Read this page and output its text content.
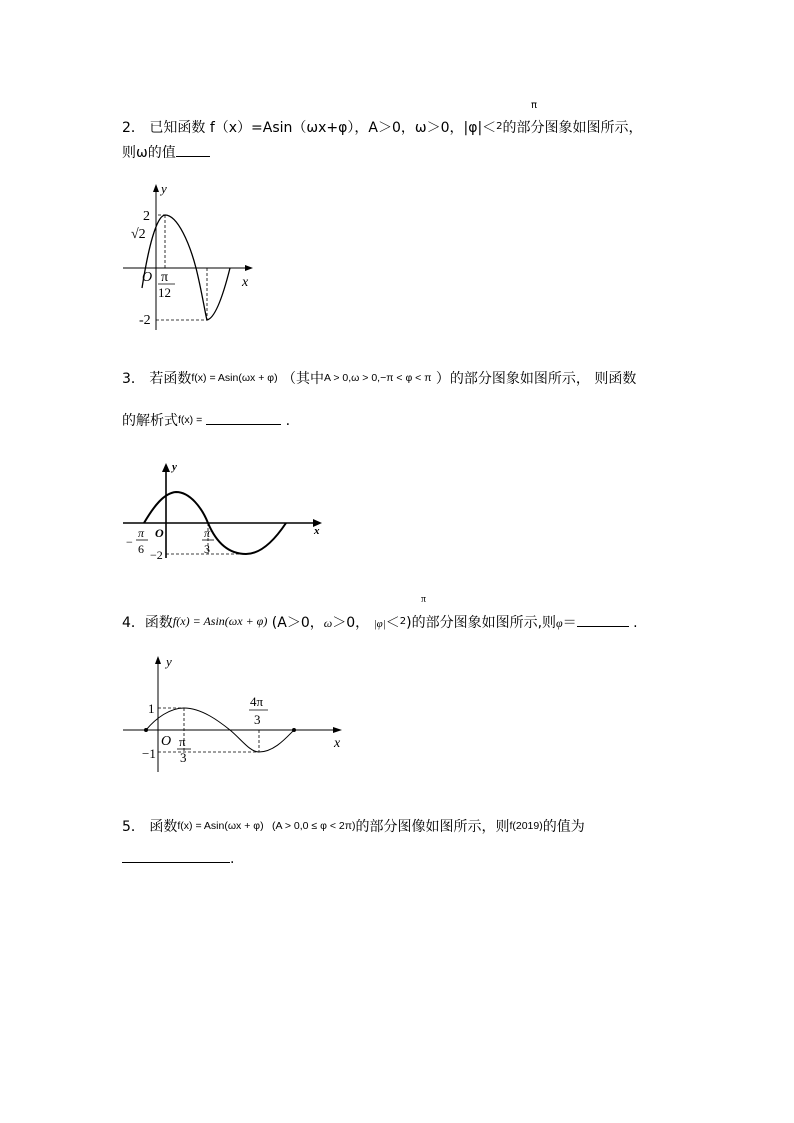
π
2． 已知函数 f（x）=Asin（ωx+φ），A＞0，ω＞0，|φ|＜$^2$的部分图象如图所示，
则ω的值
y
x
O
2
√2
-2
π
12
3． 若函数f(x) = Asin(ωx + φ) （其中A > 0,ω > 0,−π < φ < π ）的部分图象如图所示， 则函数
的解析式f(x) =	.
y
x
O
−
π
6
π
3
−2
π
4．函数f(x) = Asin(ωx + φ) (A＞0，ω＞0， |φ|＜$^2$)的部分图象如图所示,则φ＝	.
y
x
O
1
−1
π
3
4π
3
5． 函数f(x) = Asin(ωx + φ) (A > 0,0 ≤ φ < 2π)的部分图像如图所示，则f(2019)的值为
.
